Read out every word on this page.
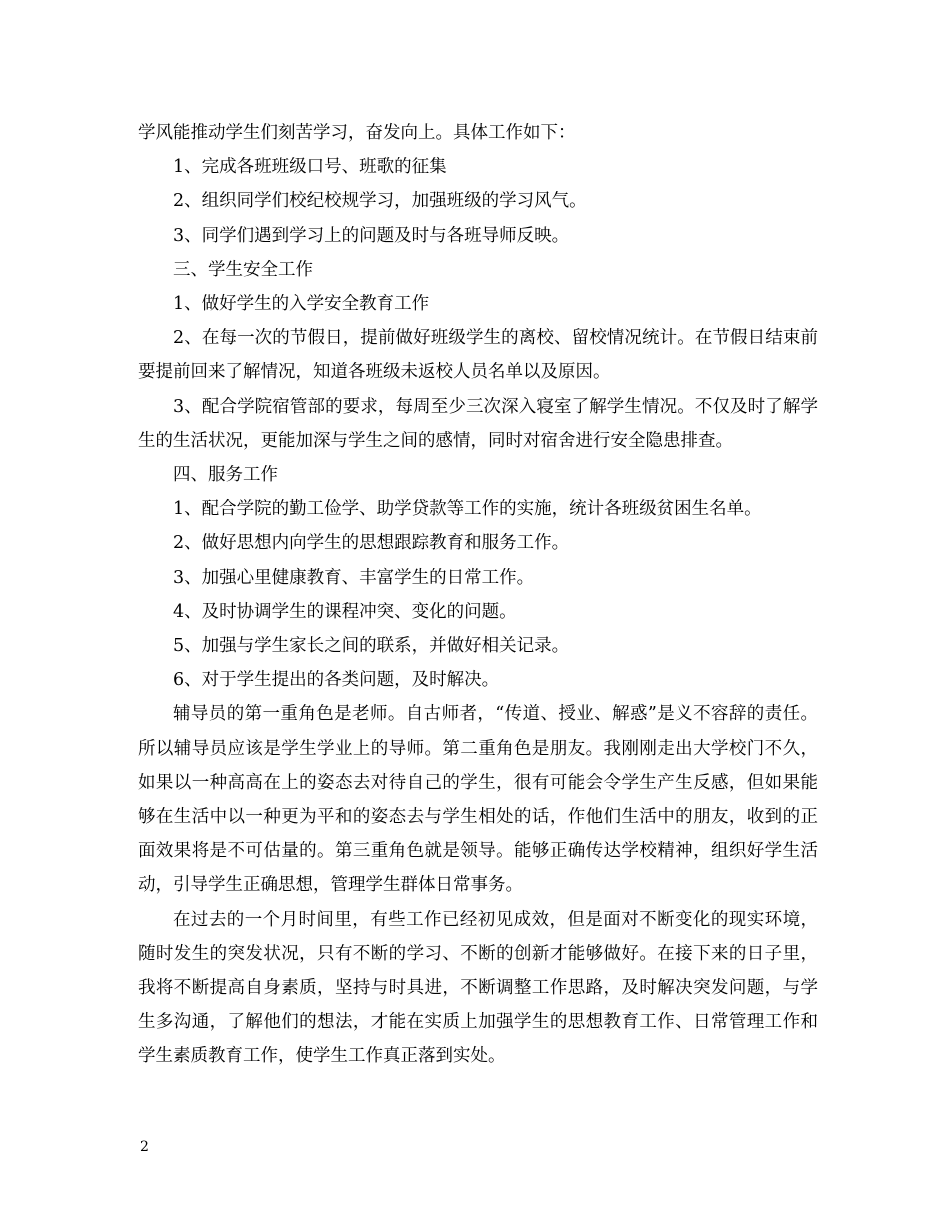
学风能推动学生们刻苦学习，奋发向上。具体工作如下：

1、完成各班班级口号、班歌的征集

2、组织同学们校纪校规学习，加强班级的学习风气。

3、同学们遇到学习上的问题及时与各班导师反映。

三、学生安全工作

1、做好学生的入学安全教育工作

2、在每一次的节假日，提前做好班级学生的离校、留校情况统计。在节假日结束前要提前回来了解情况，知道各班级未返校人员名单以及原因。

3、配合学院宿管部的要求，每周至少三次深入寝室了解学生情况。不仅及时了解学生的生活状况，更能加深与学生之间的感情，同时对宿舍进行安全隐患排查。

四、服务工作

1、配合学院的勤工俭学、助学贷款等工作的实施，统计各班级贫困生名单。

2、做好思想内向学生的思想跟踪教育和服务工作。

3、加强心里健康教育、丰富学生的日常工作。

4、及时协调学生的课程冲突、变化的问题。

5、加强与学生家长之间的联系，并做好相关记录。

6、对于学生提出的各类问题，及时解决。

辅导员的第一重角色是老师。自古师者，“传道、授业、解惑”是义不容辞的责任。所以辅导员应该是学生学业上的导师。第二重角色是朋友。我刚刚走出大学校门不久，如果以一种高高在上的姿态去对待自己的学生，很有可能会令学生产生反感，但如果能够在生活中以一种更为平和的姿态去与学生相处的话，作他们生活中的朋友，收到的正面效果将是不可估量的。第三重角色就是领导。能够正确传达学校精神，组织好学生活动，引导学生正确思想，管理学生群体日常事务。

在过去的一个月时间里，有些工作已经初见成效，但是面对不断变化的现实环境，随时发生的突发状况，只有不断的学习、不断的创新才能够做好。在接下来的日子里，我将不断提高自身素质，坚持与时具进，不断调整工作思路，及时解决突发问题，与学生多沟通，了解他们的想法，才能在实质上加强学生的思想教育工作、日常管理工作和学生素质教育工作，使学生工作真正落到实处。

2
